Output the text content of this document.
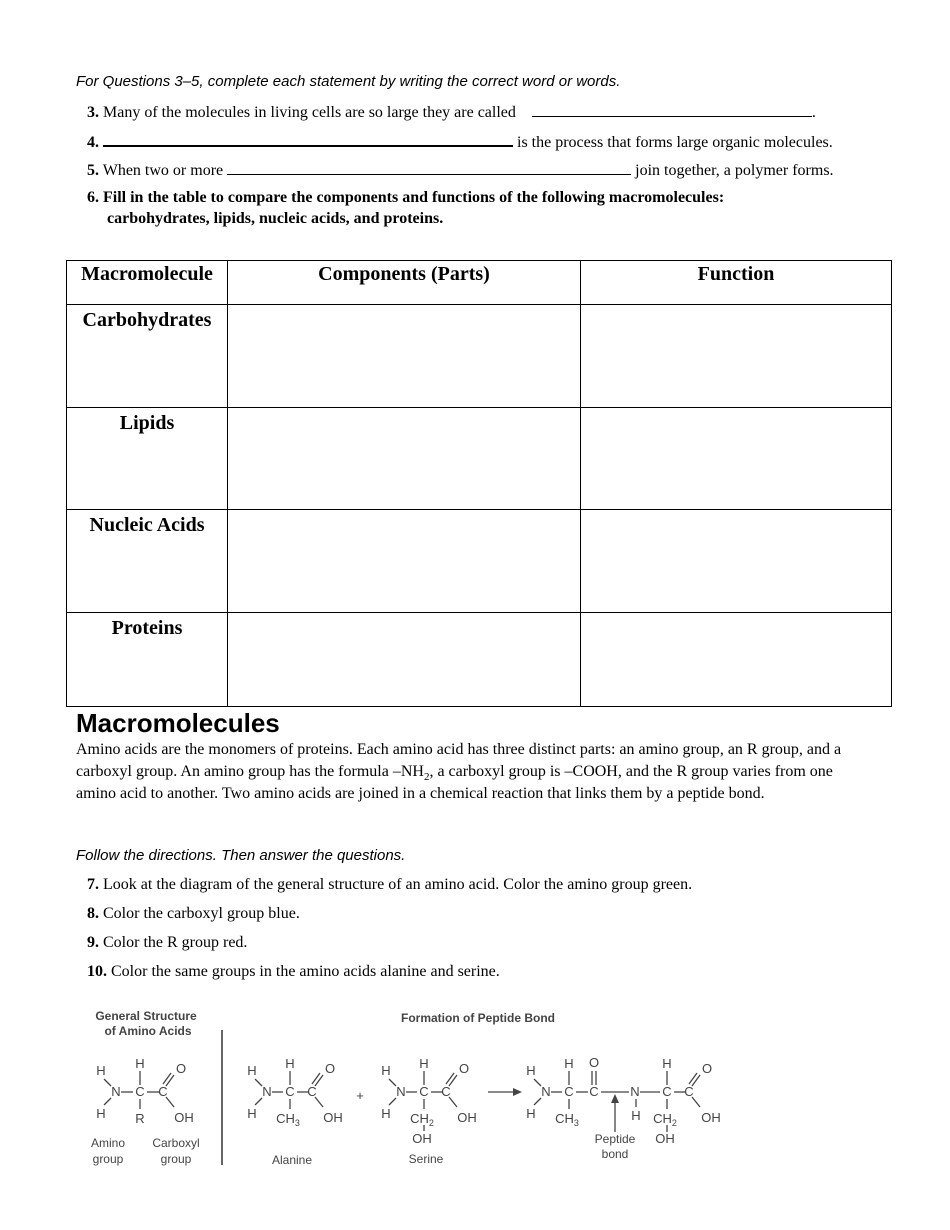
For Questions 3–5, complete each statement by writing the correct word or words.
3. Many of the molecules in living cells are so large they are called	.
4.	is the process that forms large organic molecules.
5. When two or more	join together, a polymer forms.
6. Fill in the table to compare the components and functions of the following macromolecules:
carbohydrates, lipids, nucleic acids, and proteins.
Macromolecule	Components (Parts)	Function
Carbohydrates		
Lipids		
Nucleic Acids		
Proteins		
Macromolecules
Amino acids are the monomers of proteins. Each amino acid has three distinct parts: an amino group, an R group, and a carboxyl group. An amino group has the formula $-NH_2$, a carboxyl group is –COOH, and the R group varies from one amino acid to another. Two amino acids are joined in a chemical reaction that links them by a peptide bond.
Follow the directions. Then answer the questions.
7. Look at the diagram of the general structure of an amino acid. Color the amino group green.
8. Color the carboxyl group blue.
9. Color the R group red.
10. Color the same groups in the amino acids alanine and serine.
General Structure
of Amino Acids
Formation of Peptide Bond
H H O
N C C
H R OH
H H O
N C C
H $CH_3$ OH
+
H H O
N C C
H $CH_2$
OH
OH
H H O
N C C N C C
H O
H $CH_3$	H $CH_2$
OH
OH
Amino
group
Carboxyl
group	Alanine	Serine
Peptide
bond
